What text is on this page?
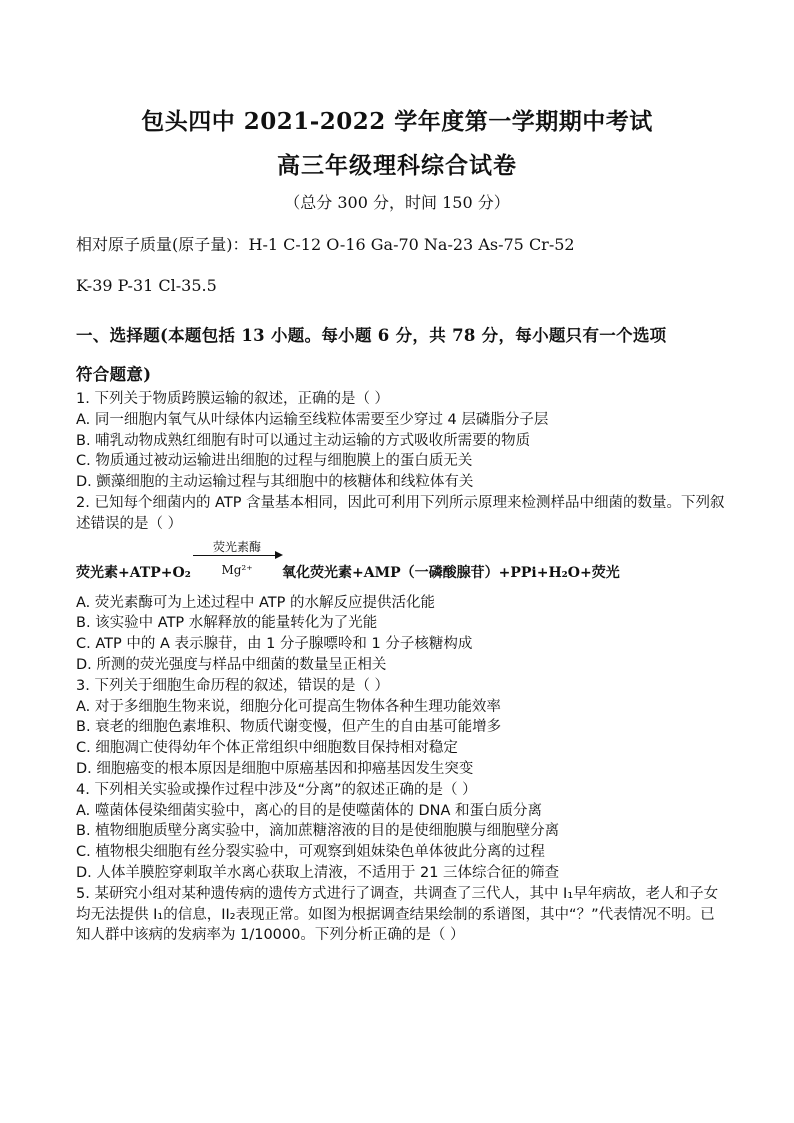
包头四中 2021-2022 学年度第一学期期中考试
高三年级理科综合试卷
（总分 300 分，时间 150 分）
相对原子质量(原子量)：H-1 C-12 O-16 Ga-70 Na-23 As-75 Cr-52
K-39 P-31 Cl-35.5
一、选择题(本题包括 13 小题。每小题 6 分，共 78 分，每小题只有一个选项
符合题意)
1. 下列关于物质跨膜运输的叙述，正确的是（ ）
A. 同一细胞内氧气从叶绿体内运输至线粒体需要至少穿过 4 层磷脂分子层
B. 哺乳动物成熟红细胞有时可以通过主动运输的方式吸收所需要的物质
C. 物质通过被动运输进出细胞的过程与细胞膜上的蛋白质无关
D. 颤藻细胞的主动运输过程与其细胞中的核糖体和线粒体有关
2. 已知每个细菌内的 ATP 含量基本相同，因此可利用下列所示原理来检测样品中细菌的数量。下列叙述错误的是（ ）
荧光素+ATP+O₂
荧光素酶
Mg²⁺	氧化荧光素+AMP（一磷酸腺苷）+PPi+H₂O+荧光
A. 荧光素酶可为上述过程中 ATP 的水解反应提供活化能
B. 该实验中 ATP 水解释放的能量转化为了光能
C. ATP 中的 A 表示腺苷，由 1 分子腺嘌呤和 1 分子核糖构成
D. 所测的荧光强度与样品中细菌的数量呈正相关
3. 下列关于细胞生命历程的叙述，错误的是（ ）
A. 对于多细胞生物来说，细胞分化可提高生物体各种生理功能效率
B. 衰老的细胞色素堆积、物质代谢变慢，但产生的自由基可能增多
C. 细胞凋亡使得幼年个体正常组织中细胞数目保持相对稳定
D. 细胞癌变的根本原因是细胞中原癌基因和抑癌基因发生突变
4. 下列相关实验或操作过程中涉及“分离”的叙述正确的是（ ）
A. 噬菌体侵染细菌实验中，离心的目的是使噬菌体的 DNA 和蛋白质分离
B. 植物细胞质壁分离实验中，滴加蔗糖溶液的目的是使细胞膜与细胞壁分离
C. 植物根尖细胞有丝分裂实验中，可观察到姐妹染色单体彼此分离的过程
D. 人体羊膜腔穿刺取羊水离心获取上清液，不适用于 21 三体综合征的筛查
5. 某研究小组对某种遗传病的遗传方式进行了调查，共调查了三代人，其中 I₁早年病故，老人和子女均无法提供 I₁的信息，II₂表现正常。如图为根据调查结果绘制的系谱图，其中“？”代表情况不明。已知人群中该病的发病率为 1/10000。下列分析正确的是（ ）
